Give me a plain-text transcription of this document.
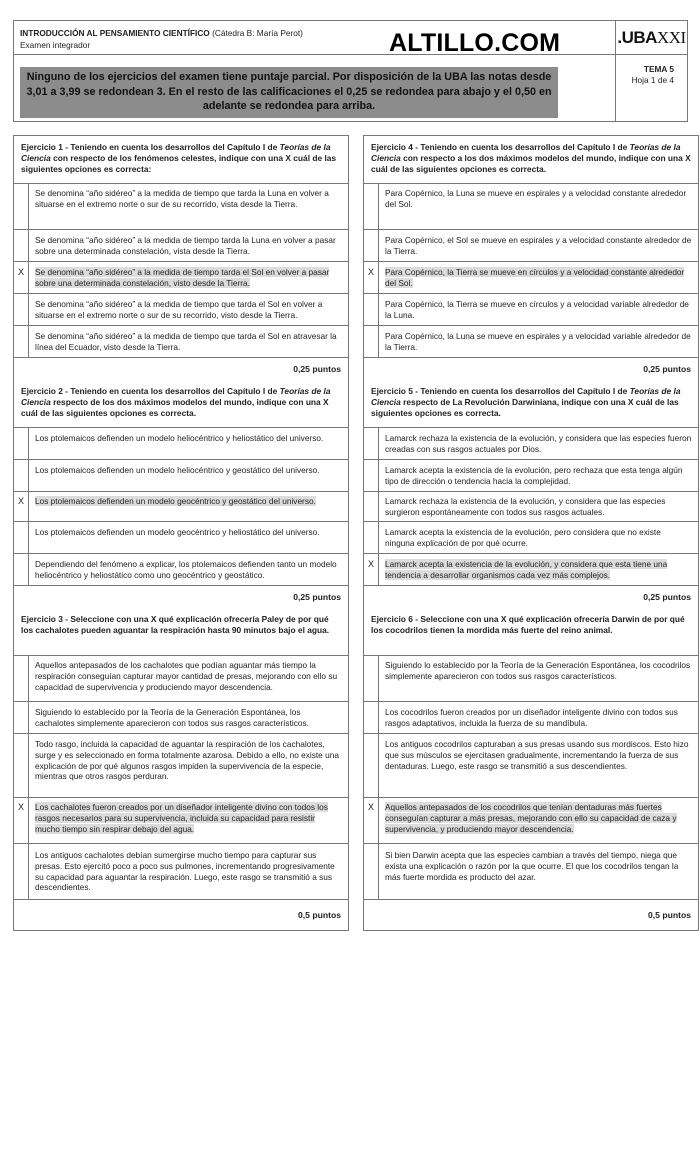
INTRODUCCIÓN AL PENSAMIENTO CIENTÍFICO (Cátedra B: María Perot)
Examen integrador	ALTILLO.COM	.UBAXXI
Ninguno de los ejercicios del examen tiene puntaje parcial. Por disposición de la UBA las notas desde 3,01 a 3,99 se redondean 3. En el resto de las calificaciones el 0,25 se redondea para abajo y el 0,50 en adelante se redondea para arriba.
TEMA 5
Hoja 1 de 4
Ejercicio 1 - Teniendo en cuenta los desarrollos del Capítulo I de Teorías de la Ciencia con respecto de los fenómenos celestes, indique con una X cuál de las siguientes opciones es correcta:
Se denomina “año sidéreo” a la medida de tiempo que tarda la Luna en volver a situarse en el extremo norte o sur de su recorrido, vista desde la Tierra.
Se denomina “año sidéreo” a la medida de tiempo tarda la Luna en volver a pasar sobre una determinada constelación, vista desde la Tierra.
X	Se denomina “año sidéreo” a la medida de tiempo tarda el Sol en volver a pasar sobre una determinada constelación, visto desde la Tierra.
Se denomina “año sidéreo” a la medida de tiempo que tarda el Sol en volver a situarse en el extremo norte o sur de su recorrido, visto desde la Tierra.
Se denomina “año sidéreo” a la medida de tiempo que tarda el Sol en atravesar la línea del Ecuador, visto desde la Tierra.
0,25 puntos
Ejercicio 2 - Teniendo en cuenta los desarrollos del Capítulo I de Teorías de la Ciencia respecto de los dos máximos modelos del mundo, indique con una X cuál de las siguientes opciones es correcta.
Los ptolemaicos defienden un modelo heliocéntrico y heliostático del universo.
Los ptolemaicos defienden un modelo heliocéntrico y geostático del universo.
X	Los ptolemaicos defienden un modelo geocéntrico y geostático del universo.
Los ptolemaicos defienden un modelo geocéntrico y heliostático del universo.
Dependiendo del fenómeno a explicar, los ptolemaicos defienden tanto un modelo heliocéntrico y heliostático como uno geocéntrico y geostático.
0,25 puntos
Ejercicio 3 - Seleccione con una X qué explicación ofrecería Paley de por qué los cachalotes pueden aguantar la respiración hasta 90 minutos bajo el agua.
Aquellos antepasados de los cachalotes que podían aguantar más tiempo la respiración conseguían capturar mayor cantidad de presas, mejorando con ello su capacidad de supervivencia y produciendo mayor descendencia.
Siguiendo lo establecido por la Teoría de la Generación Espontánea, los cachalotes simplemente aparecieron con todos sus rasgos característicos.
Todo rasgo, incluida la capacidad de aguantar la respiración de los cachalotes, surge y es seleccionado en forma totalmente azarosa. Debido a ello, no existe una explicación de por qué algunos rasgos impiden la supervivencia de la especie, mientras que otros rasgos perduran.
X	Los cachalotes fueron creados por un diseñador inteligente divino con todos los rasgos necesarios para su supervivencia, incluida su capacidad para resistir mucho tiempo sin respirar debajo del agua.
Los antiguos cachalotes debían sumergirse mucho tiempo para capturar sus presas. Esto ejercitó poco a poco sus pulmones, incrementando progresivamente su capacidad para aguantar la respiración. Luego, este rasgo se transmitió a sus descendientes.
0,5 puntos
Ejercicio 4 - Teniendo en cuenta los desarrollos del Capítulo I de Teorías de la Ciencia con respecto a los dos máximos modelos del mundo, indique con una X cuál de las siguientes opciones es correcta.
Para Copérnico, la Luna se mueve en espirales y a velocidad constante alrededor del Sol.
Para Copérnico, el Sol se mueve en espirales y a velocidad constante alrededor de la Tierra.
X	Para Copérnico, la Tierra se mueve en círculos y a velocidad constante alrededor del Sol.
Para Copérnico, la Tierra se mueve en círculos y a velocidad variable alrededor de la Luna.
Para Copérnico, la Luna se mueve en espirales y a velocidad variable alrededor de la Tierra.
0,25 puntos
Ejercicio 5 - Teniendo en cuenta los desarrollos del Capítulo I de Teorías de la Ciencia respecto de La Revolución Darwiniana, indique con una X cuál de las siguientes opciones es correcta.
Lamarck rechaza la existencia de la evolución, y considera que las especies fueron creadas con sus rasgos actuales por Dios.
Lamarck acepta la existencia de la evolución, pero rechaza que esta tenga algún tipo de dirección o tendencia hacia la complejidad.
Lamarck rechaza la existencia de la evolución, y considera que las especies surgieron espontáneamente con todos sus rasgos actuales.
Lamarck acepta la existencia de la evolución, pero considera que no existe ninguna explicación de por qué ocurre.
X	Lamarck acepta la existencia de la evolución, y considera que esta tiene una tendencia a desarrollar organismos cada vez más complejos.
0,25 puntos
Ejercicio 6 - Seleccione con una X qué explicación ofrecería Darwin de por qué los cocodrilos tienen la mordida más fuerte del reino animal.
Siguiendo lo establecido por la Teoría de la Generación Espontánea, los cocodrilos simplemente aparecieron con todos sus rasgos característicos.
Los cocodrilos fueron creados por un diseñador inteligente divino con todos sus rasgos adaptativos, incluida la fuerza de su mandíbula.
Los antiguos cocodrilos capturaban a sus presas usando sus mordiscos. Esto hizo que sus músculos se ejercitasen gradualmente, incrementando la fuerza de sus dentaduras. Luego, este rasgo se transmitió a sus descendientes.
X	Aquellos antepasados de los cocodrilos que tenían dentaduras más fuertes conseguían capturar a más presas, mejorando con ello su capacidad de caza y supervivencia, y produciendo mayor descendencia.
Si bien Darwin acepta que las especies cambian a través del tiempo, niega que exista una explicación o razón por la que ocurre. El que los cocodrilos tengan la más fuerte mordida es producto del azar.
0,5 puntos
